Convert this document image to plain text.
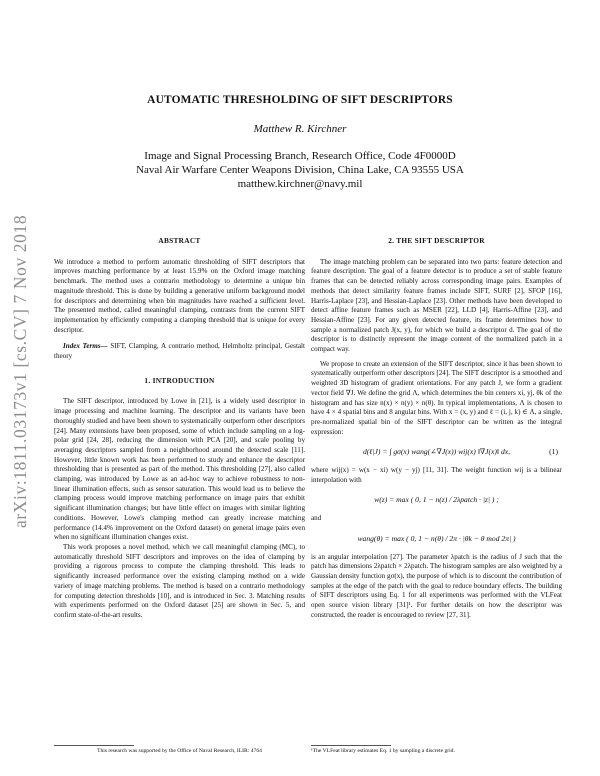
arXiv:1811.03173v1 [cs.CV] 7 Nov 2018
AUTOMATIC THRESHOLDING OF SIFT DESCRIPTORS
Matthew R. Kirchner
Image and Signal Processing Branch, Research Office, Code 4F0000D
Naval Air Warfare Center Weapons Division, China Lake, CA 93555 USA
matthew.kirchner@navy.mil
ABSTRACT

We introduce a method to perform automatic thresholding of SIFT descriptors that improves matching performance by at least 15.9% on the Oxford image matching benchmark. The method uses a contrario methodology to determine a unique bin magnitude threshold. This is done by building a generative uniform background model for descriptors and determining when bin magnitudes have reached a sufficient level. The presented method, called meaningful clamping, contrasts from the current SIFT implementation by efficiently computing a clamping threshold that is unique for every descriptor.

Index Terms— SIFT, Clamping, A contrario method, Helmholtz principal, Gestalt theory

1. INTRODUCTION

The SIFT descriptor, introduced by Lowe in [21], is a widely used descriptor in image processing and machine learning. The descriptor and its variants have been thoroughly studied and have been shown to systematically outperform other descriptors [24]. Many extensions have been proposed, some of which include sampling on a log-polar grid [24, 28], reducing the dimension with PCA [20], and scale pooling by averaging descriptors sampled from a neighborhood around the detected scale [11]. However, little known work has been performed to study and enhance the descriptor thresholding that is presented as part of the method. This thresholding [27], also called clamping, was introduced by Lowe as an ad-hoc way to achieve robustness to non-linear illumination effects, such as sensor saturation. This would lead us to believe the clamping process would improve matching performance on image pairs that exhibit significant illumination changes; but have little effect on images with similar lighting conditions. However, Lowe's clamping method can greatly increase matching performance (14.4% improvement on the Oxford dataset) on general image pairs even when no significant illumination changes exist.

This work proposes a novel method, which we call meaningful clamping (MC), to automatically threshold SIFT descriptors and improves on the idea of clamping by providing a rigorous process to compute the clamping threshold. This leads to significantly increased performance over the existing clamping method on a wide variety of image matching problems. The method is based on a contrario methodology for computing detection thresholds [10], and is introduced in Sec. 3. Matching results with experiments performed on the Oxford dataset [25] are shown in Sec. 5, and confirm state-of-the-art results.

2. THE SIFT DESCRIPTOR

The image matching problem can be separated into two parts: feature detection and feature description. The goal of a feature detector is to produce a set of stable feature frames that can be detected reliably across corresponding image pairs. Examples of methods that detect similarity feature frames include SIFT, SURF [2], SFOP [16], Harris-Laplace [23], and Hessian-Laplace [23]. Other methods have been developed to detect affine feature frames such as MSER [22], LLD [4], Harris-Affine [23], and Hessian-Affine [23]. For any given detected feature, its frame determines how to sample a normalized patch J(x, y), for which we build a descriptor d. The goal of the descriptor is to distinctly represent the image content of the normalized patch in a compact way.

We propose to create an extension of the SIFT descriptor, since it has been shown to systematically outperform other descriptors [24]. The SIFT descriptor is a smoothed and weighted 3D histogram of gradient orientations. For any patch J, we form a gradient vector field ∇J. We define the grid Λ, which determines the bin centers xi, yj, θk of the histogram and has size n(x) × n(y) × n(θ). In typical implementations, Λ is chosen to have 4 × 4 spatial bins and 8 angular bins. With x = (x, y) and ℓ = (i, j, k) ∈ Λ, a single, pre-normalized spatial bin of the SIFT descriptor can be written as the integral expression:

d(ℓ|J) = ∫ gσ(x) wang(∠∇J(x)) wij(x) ‖∇J(x)‖ dx,	(1)

where wij(x) = w(x − xi) w(y − yj) [11, 31]. The weight function wij is a bilinear interpolation with

w(z) = max ( 0, 1 − n(z) / 2λpatch · |z| ) ;

and

wang(θ) = max ( 0, 1 − n(θ) / 2π · |θk − θ mod 2π| )

is an angular interpolation [27]. The parameter λpatch is the radius of J such that the patch has dimensions 2λpatch × 2λpatch. The histogram samples are also weighted by a Gaussian density function gσ(x), the purpose of which is to discount the contribution of samples at the edge of the patch with the goal to reduce boundary effects. The building of SIFT descriptors using Eq. 1 for all experiments was performed with the VLFeat open source vision library [31]¹. For further details on how the descriptor was constructed, the reader is encouraged to review [27, 31].

This research was supported by the Office of Naval Research, ILIR: 4764	¹The VLFeat library estimates Eq. 1 by sampling a discrete grid.
